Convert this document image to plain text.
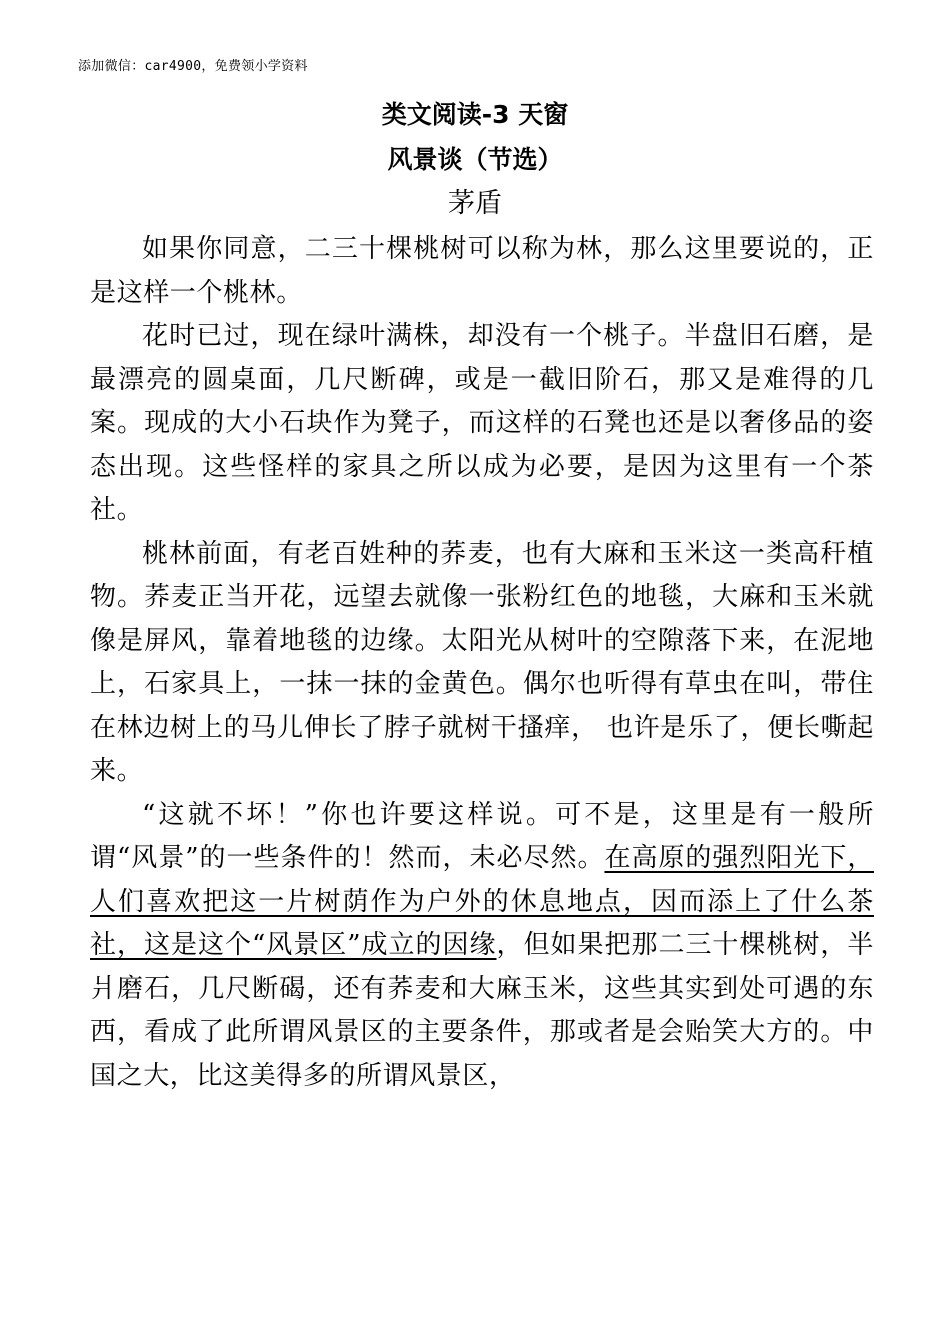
添加微信：car4900，免费领小学资料
类文阅读-3 天窗
风景谈（节选）
茅盾

如果你同意，二三十棵桃树可以称为林，那么这里要说的，正是这样一个桃林。

花时已过，现在绿叶满株，却没有一个桃子。半盘旧石磨，是最漂亮的圆桌面，几尺断碑，或是一截旧阶石，那又是难得的几案。现成的大小石块作为凳子，而这样的石凳也还是以奢侈品的姿态出现。这些怪样的家具之所以成为必要，是因为这里有一个茶社。

桃林前面，有老百姓种的荞麦，也有大麻和玉米这一类高秆植物。荞麦正当开花，远望去就像一张粉红色的地毯，大麻和玉米就像是屏风，靠着地毯的边缘。太阳光从树叶的空隙落下来，在泥地上，石家具上，一抹一抹的金黄色。偶尔也听得有草虫在叫，带住在林边树上的马儿伸长了脖子就树干搔痒， 也许是乐了，便长嘶起来。

“这就不坏！”你也许要这样说。可不是，这里是有一般所谓“风景”的一些条件的！然而，未必尽然。在高原的强烈阳光下，人们喜欢把这一片树荫作为户外的休息地点，因而添上了什么茶社，这是这个“风景区”成立的因缘，但如果把那二三十棵桃树，半爿磨石，几尺断碣，还有荞麦和大麻玉米，这些其实到处可遇的东西，看成了此所谓风景区的主要条件，那或者是会贻笑大方的。中国之大，比这美得多的所谓风景区，
